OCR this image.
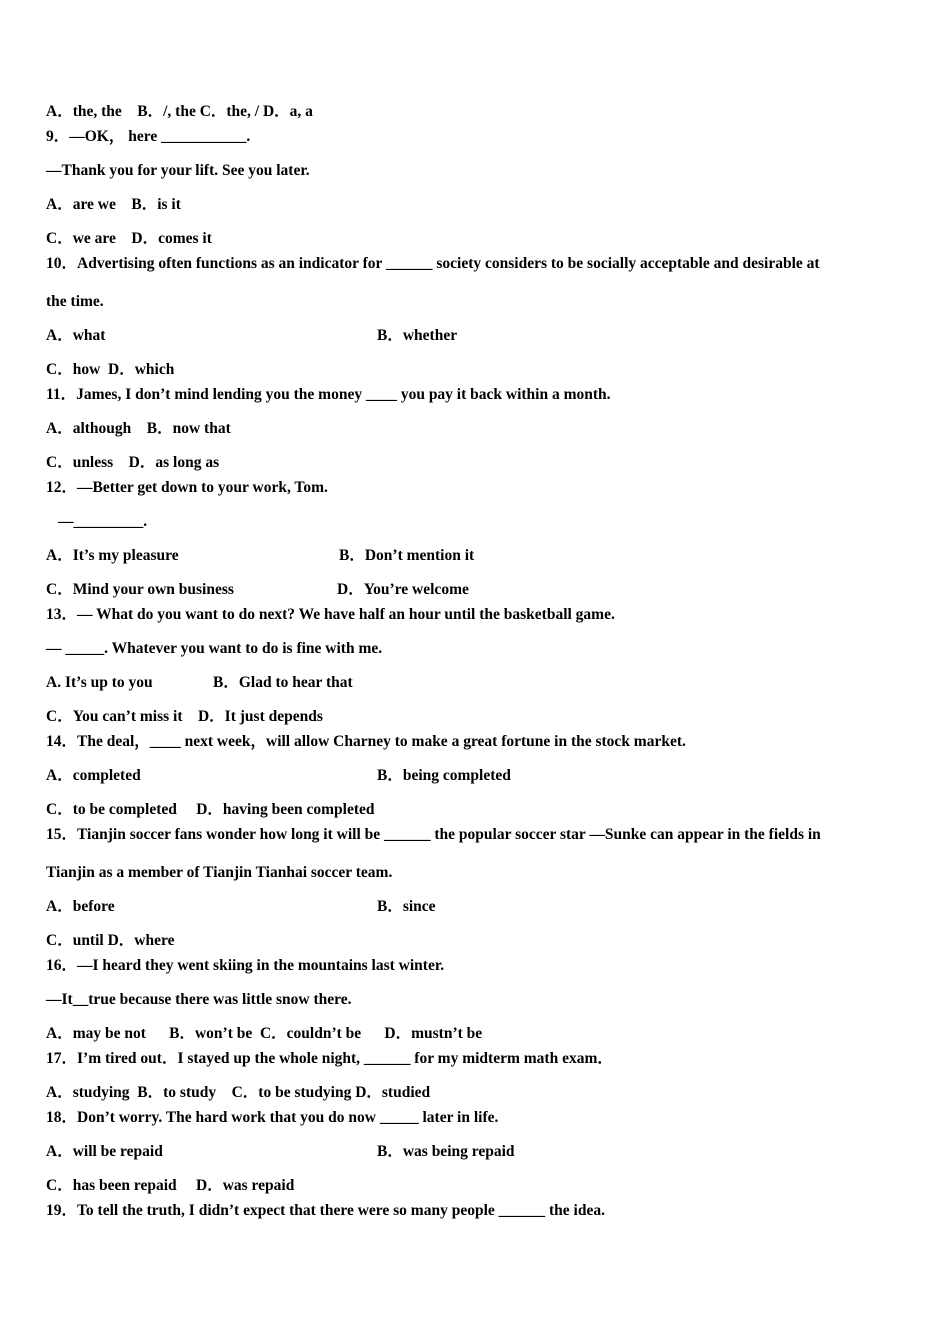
A．the, the    B．/, the C．the, / D．a, a
9．—OK， here ___________.
—Thank you for your lift. See you later.
A．are we    B．is it
C．we are    D．comes it
10．Advertising often functions as an indicator for ______ society considers to be socially acceptable and desirable at
the time.
A．what	B．whether
C．how  D．which
11．James, I don’t mind lending you the money ____ you pay it back within a month.
A．although    B．now that
C．unless    D．as long as
12．—Better get down to your work, Tom.
—_________.
A．It’s my pleasure	B．Don’t mention it
C．Mind your own business	D．You’re welcome
13．— What do you want to do next? We have half an hour until the basketball game.
— _____. Whatever you want to do is fine with me.
A. It’s up to you	B．Glad to hear that
C．You can’t miss it    D．It just depends
14．The deal，____ next week，will allow Charney to make a great fortune in the stock market.
A．completed	B．being completed
C．to be completed     D．having been completed
15．Tianjin soccer fans wonder how long it will be ______ the popular soccer star —Sunke can appear in the fields in
Tianjin as a member of Tianjin Tianhai soccer team.
A．before	B．since
C．until D．where
16．—I heard they went skiing in the mountains last winter.
—It__true because there was little snow there.
A．may be not      B．won’t be  C．couldn’t be      D．mustn’t be
17．I’m tired out．I stayed up the whole night, ______ for my midterm math exam．
A．studying  B．to study    C．to be studying D．studied
18．Don’t worry. The hard work that you do now _____ later in life.
A．will be repaid	B．was being repaid
C．has been repaid     D．was repaid
19．To tell the truth, I didn’t expect that there were so many people ______ the idea.
